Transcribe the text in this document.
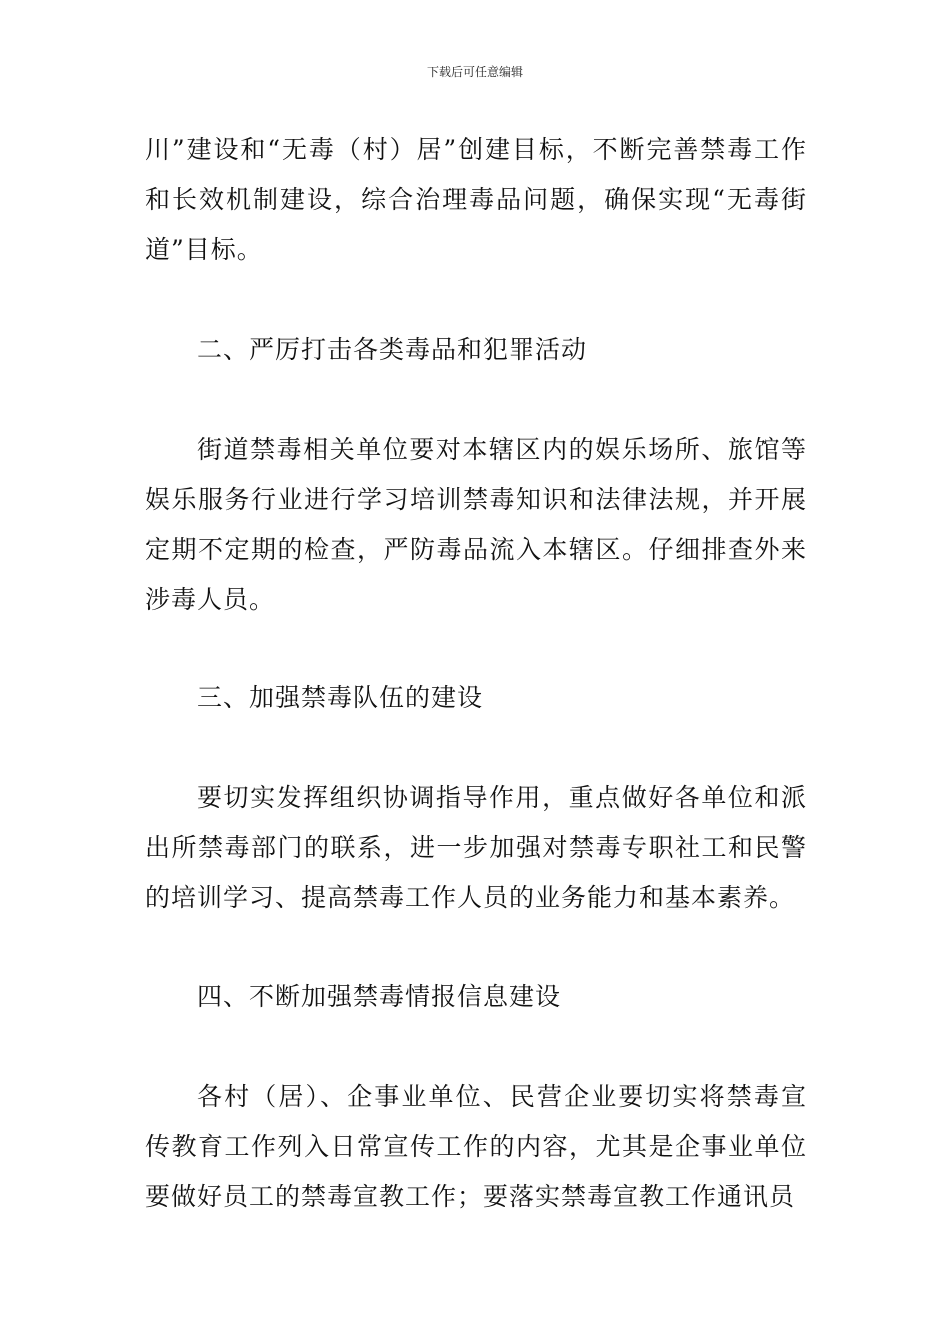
下载后可任意编辑

川”建设和“无毒（村）居”创建目标，不断完善禁毒工作和长效机制建设，综合治理毒品问题，确保实现“无毒街道”目标。

二、严厉打击各类毒品和犯罪活动

街道禁毒相关单位要对本辖区内的娱乐场所、旅馆等娱乐服务行业进行学习培训禁毒知识和法律法规，并开展定期不定期的检查，严防毒品流入本辖区。仔细排查外来涉毒人员。

三、加强禁毒队伍的建设

要切实发挥组织协调指导作用，重点做好各单位和派出所禁毒部门的联系，进一步加强对禁毒专职社工和民警的培训学习、提高禁毒工作人员的业务能力和基本素养。

四、不断加强禁毒情报信息建设

各村（居）、企事业单位、民营企业要切实将禁毒宣传教育工作列入日常宣传工作的内容，尤其是企事业单位要做好员工的禁毒宣教工作；要落实禁毒宣教工作通讯员
